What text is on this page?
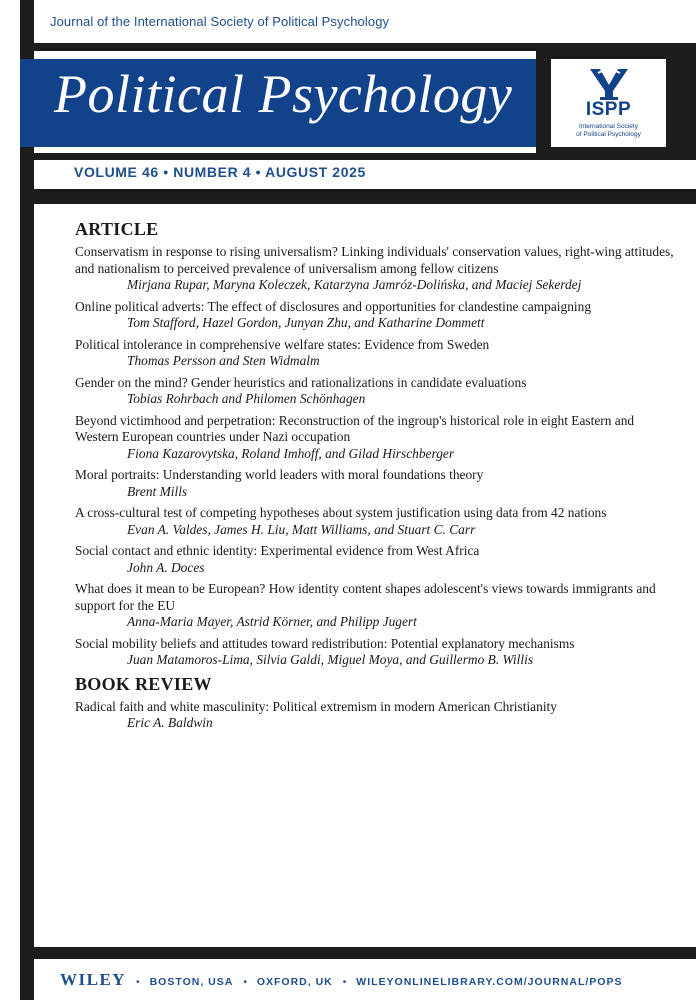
Journal of the International Society of Political Psychology
Political Psychology	ISPP
International Society
of Political Psychology
VOLUME 46 • NUMBER 4 • AUGUST 2025
ARTICLE
Conservatism in response to rising universalism? Linking individuals' conservation values, right-wing attitudes, and nationalism to perceived prevalence of universalism among fellow citizens
Mirjana Rupar, Maryna Koleczek, Katarzyna Jamróz-Dolińska, and Maciej Sekerdej
Online political adverts: The effect of disclosures and opportunities for clandestine campaigning
Tom Stafford, Hazel Gordon, Junyan Zhu, and Katharine Dommett
Political intolerance in comprehensive welfare states: Evidence from Sweden
Thomas Persson and Sten Widmalm
Gender on the mind? Gender heuristics and rationalizations in candidate evaluations
Tobias Rohrbach and Philomen Schönhagen
Beyond victimhood and perpetration: Reconstruction of the ingroup's historical role in eight Eastern and Western European countries under Nazi occupation
Fiona Kazarovytska, Roland Imhoff, and Gilad Hirschberger
Moral portraits: Understanding world leaders with moral foundations theory
Brent Mills
A cross-cultural test of competing hypotheses about system justification using data from 42 nations
Evan A. Valdes, James H. Liu, Matt Williams, and Stuart C. Carr
Social contact and ethnic identity: Experimental evidence from West Africa
John A. Doces
What does it mean to be European? How identity content shapes adolescent's views towards immigrants and support for the EU
Anna-Maria Mayer, Astrid Körner, and Philipp Jugert
Social mobility beliefs and attitudes toward redistribution: Potential explanatory mechanisms
Juan Matamoros-Lima, Silvia Galdi, Miguel Moya, and Guillermo B. Willis
BOOK REVIEW
Radical faith and white masculinity: Political extremism in modern American Christianity
Eric A. Baldwin
WILEY • BOSTON, USA • OXFORD, UK • WILEYONLINELIBRARY.COM/JOURNAL/POPS
